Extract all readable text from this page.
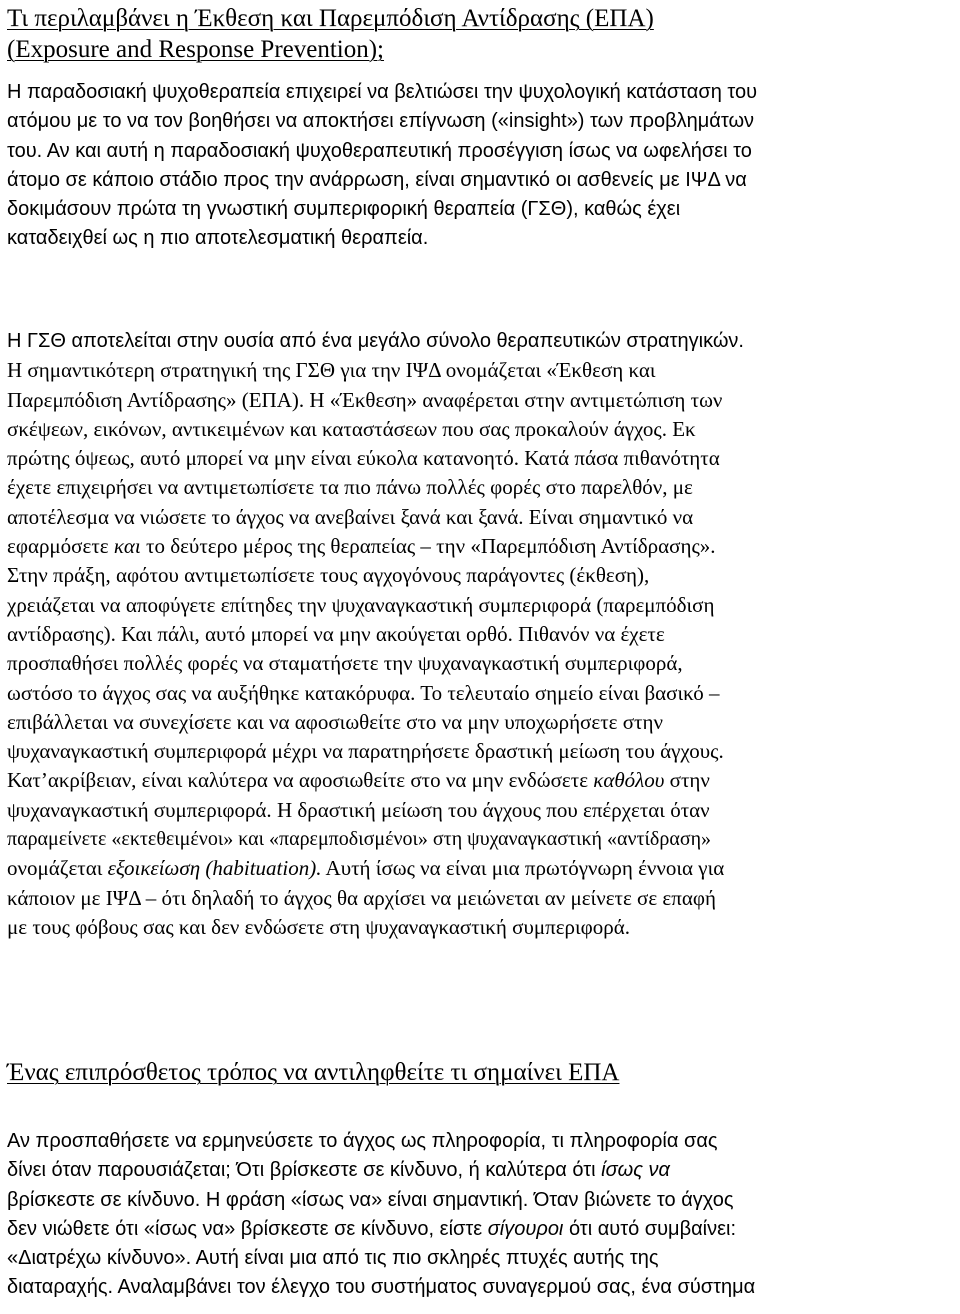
Τι περιλαμβάνει η Έκθεση και Παρεμπόδιση Αντίδρασης (ΕΠΑ)
(Exposure and Response Prevention);
Η παραδοσιακή ψυχοθεραπεία επιχειρεί να βελτιώσει την ψυχολογική κατάσταση του
ατόμου με το να τον βοηθήσει να αποκτήσει επίγνωση («insight») των προβλημάτων
του. Αν και αυτή η παραδοσιακή ψυχοθεραπευτική προσέγγιση ίσως να ωφελήσει το
άτομο σε κάποιο στάδιο προς την ανάρρωση, είναι σημαντικό οι ασθενείς με ΙΨΔ να
δοκιμάσουν πρώτα τη γνωστική συμπεριφορική θεραπεία (ΓΣΘ), καθώς έχει
καταδειχθεί ως η πιο αποτελεσματική θεραπεία.
Η ΓΣΘ αποτελείται στην ουσία από ένα μεγάλο σύνολο θεραπευτικών στρατηγικών.
Η σημαντικότερη στρατηγική της ΓΣΘ για την ΙΨΔ ονομάζεται «Έκθεση και
Παρεμπόδιση Αντίδρασης» (ΕΠΑ). Η «Έκθεση» αναφέρεται στην αντιμετώπιση των
σκέψεων, εικόνων, αντικειμένων και καταστάσεων που σας προκαλούν άγχος. Εκ
πρώτης όψεως, αυτό μπορεί να μην είναι εύκολα κατανοητό. Κατά πάσα πιθανότητα
έχετε επιχειρήσει να αντιμετωπίσετε τα πιο πάνω πολλές φορές στο παρελθόν, με
αποτέλεσμα να νιώσετε το άγχος να ανεβαίνει ξανά και ξανά. Είναι σημαντικό να
εφαρμόσετε και το δεύτερο μέρος της θεραπείας – την «Παρεμπόδιση Αντίδρασης».
Στην πράξη, αφότου αντιμετωπίσετε τους αγχογόνους παράγοντες (έκθεση),
χρειάζεται να αποφύγετε επίτηδες την ψυχαναγκαστική συμπεριφορά (παρεμπόδιση
αντίδρασης). Και πάλι, αυτό μπορεί να μην ακούγεται ορθό. Πιθανόν να έχετε
προσπαθήσει πολλές φορές να σταματήσετε την ψυχαναγκαστική συμπεριφορά,
ωστόσο το άγχος σας να αυξήθηκε κατακόρυφα. Το τελευταίο σημείο είναι βασικό –
επιβάλλεται να συνεχίσετε και να αφοσιωθείτε στο να μην υποχωρήσετε στην
ψυχαναγκαστική συμπεριφορά μέχρι να παρατηρήσετε δραστική μείωση του άγχους.
Κατ’ακρίβειαν, είναι καλύτερα να αφοσιωθείτε στο να μην ενδώσετε καθόλου στην
ψυχαναγκαστική συμπεριφορά. Η δραστική μείωση του άγχους που επέρχεται όταν
παραμείνετε «εκτεθειμένοι» και «παρεμποδισμένοι» στη ψυχαναγκαστική «αντίδραση»
ονομάζεται εξοικείωση (habituation). Αυτή ίσως να είναι μια πρωτόγνωρη έννοια για
κάποιον με ΙΨΔ – ότι δηλαδή το άγχος θα αρχίσει να μειώνεται αν μείνετε σε επαφή
με τους φόβους σας και δεν ενδώσετε στη ψυχαναγκαστική συμπεριφορά.
Ένας επιπρόσθετος τρόπος να αντιληφθείτε τι σημαίνει ΕΠΑ
Αν προσπαθήσετε να ερμηνεύσετε το άγχος ως πληροφορία, τι πληροφορία σας
δίνει όταν παρουσιάζεται; Ότι βρίσκεστε σε κίνδυνο, ή καλύτερα ότι ίσως να
βρίσκεστε σε κίνδυνο. Η φράση «ίσως να» είναι σημαντική. Όταν βιώνετε το άγχος
δεν νιώθετε ότι «ίσως να» βρίσκεστε σε κίνδυνο, είστε σίγουροι ότι αυτό συμβαίνει:
«Διατρέχω κίνδυνο». Αυτή είναι μια από τις πιο σκληρές πτυχές αυτής της
διαταραχής. Αναλαμβάνει τον έλεγχο του συστήματος συναγερμού σας, ένα σύστημα
